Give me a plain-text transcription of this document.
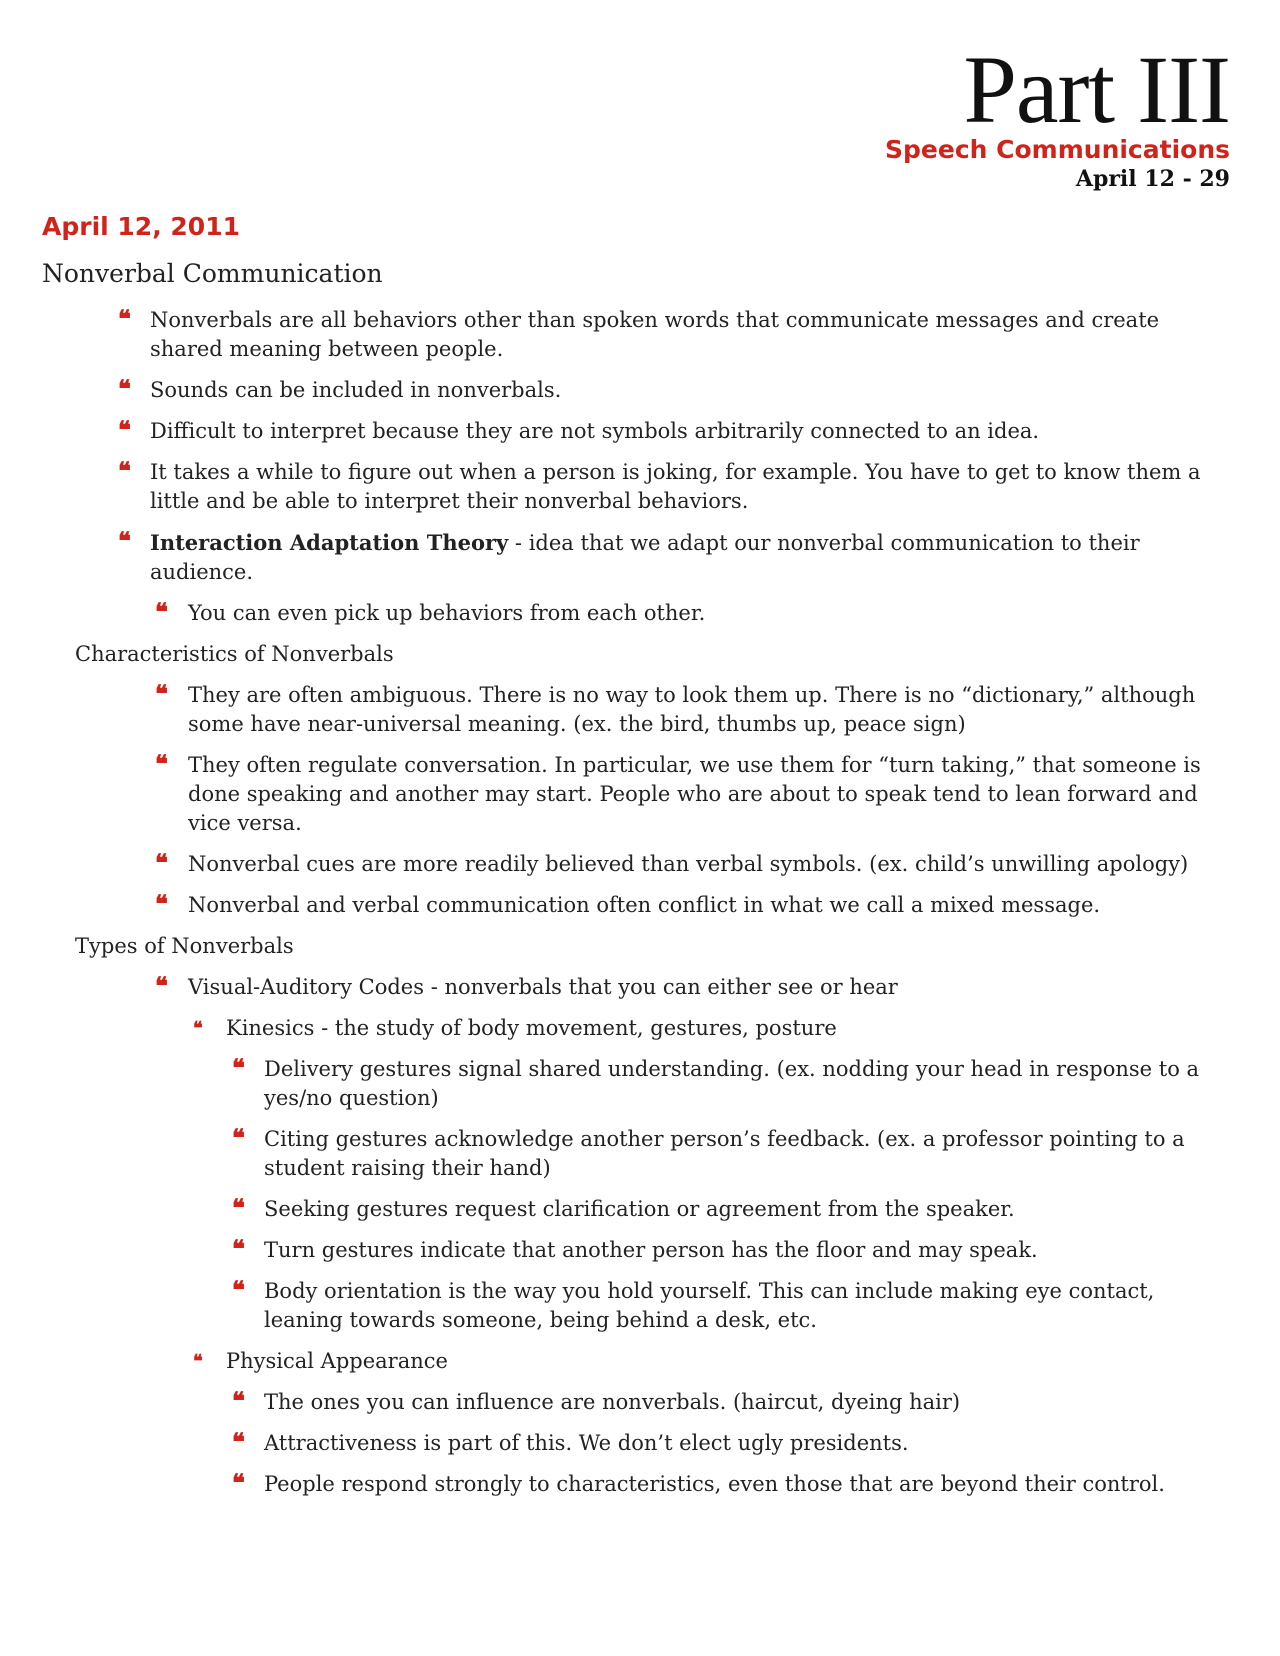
Part III
Speech Communications
April 12 - 29
April 12, 2011
Nonverbal Communication
❝ Nonverbals are all behaviors other than spoken words that communicate messages and create shared meaning between people.
❝ Sounds can be included in nonverbals.
❝ Difficult to interpret because they are not symbols arbitrarily connected to an idea.
❝ It takes a while to figure out when a person is joking, for example. You have to get to know them a little and be able to interpret their nonverbal behaviors.
❝ Interaction Adaptation Theory - idea that we adapt our nonverbal communication to their audience.
❝ You can even pick up behaviors from each other.
Characteristics of Nonverbals
❝ They are often ambiguous. There is no way to look them up. There is no “dictionary,” although some have near-universal meaning. (ex. the bird, thumbs up, peace sign)
❝ They often regulate conversation. In particular, we use them for “turn taking,” that someone is done speaking and another may start. People who are about to speak tend to lean forward and vice versa.
❝ Nonverbal cues are more readily believed than verbal symbols. (ex. child’s unwilling apology)
❝ Nonverbal and verbal communication often conflict in what we call a mixed message.
Types of Nonverbals
❝ Visual-Auditory Codes - nonverbals that you can either see or hear
❝ Kinesics - the study of body movement, gestures, posture
❝ Delivery gestures signal shared understanding. (ex. nodding your head in response to a yes/no question)
❝ Citing gestures acknowledge another person’s feedback. (ex. a professor pointing to a student raising their hand)
❝ Seeking gestures request clarification or agreement from the speaker.
❝ Turn gestures indicate that another person has the floor and may speak.
❝ Body orientation is the way you hold yourself. This can include making eye contact, leaning towards someone, being behind a desk, etc.
❝ Physical Appearance
❝ The ones you can influence are nonverbals. (haircut, dyeing hair)
❝ Attractiveness is part of this. We don’t elect ugly presidents.
❝ People respond strongly to characteristics, even those that are beyond their control.
